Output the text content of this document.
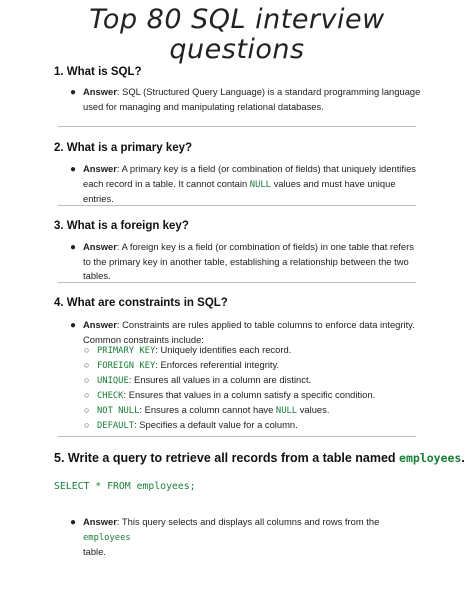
Top 80 SQL interview
questions
1. What is SQL?
● Answer: SQL (Structured Query Language) is a standard programming language used for managing and manipulating relational databases.
2. What is a primary key?
● Answer: A primary key is a field (or combination of fields) that uniquely identifies each record in a table. It cannot contain NULL values and must have unique entries.
3. What is a foreign key?
● Answer: A foreign key is a field (or combination of fields) in one table that refers to the primary key in another table, establishing a relationship between the two tables.
4. What are constraints in SQL?
● Answer: Constraints are rules applied to table columns to enforce data integrity. Common constraints include:
○ PRIMARY KEY: Uniquely identifies each record.
○ FOREIGN KEY: Enforces referential integrity.
○ UNIQUE: Ensures all values in a column are distinct.
○ CHECK: Ensures that values in a column satisfy a specific condition.
○ NOT NULL: Ensures a column cannot have NULL values.
○ DEFAULT: Specifies a default value for a column.
5. Write a query to retrieve all records from a table named employees.
SELECT * FROM employees;
● Answer: This query selects and displays all columns and rows from the employees
table.
